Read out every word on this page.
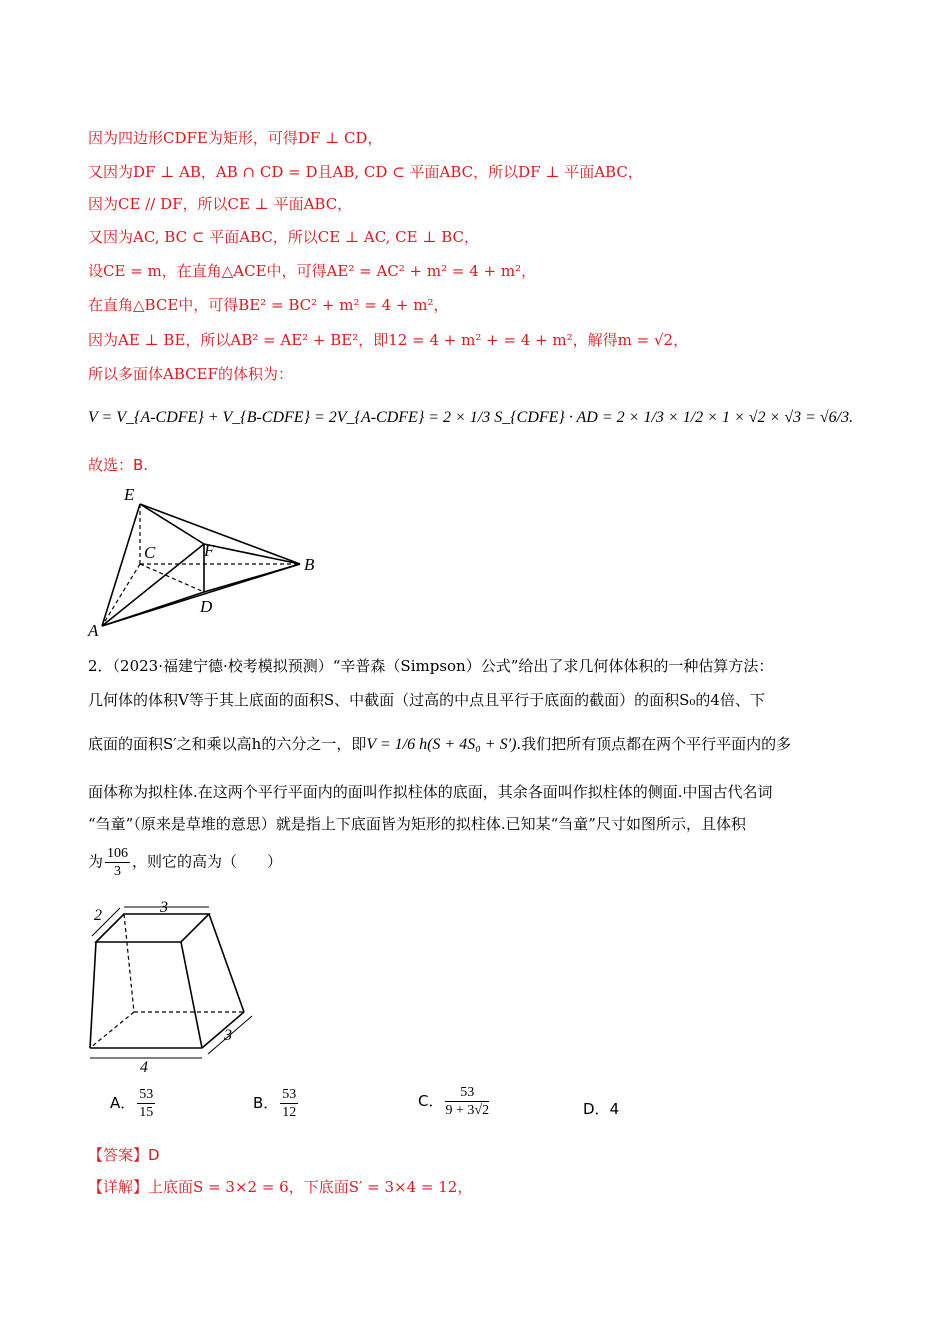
因为四边形CDFE为矩形，可得DF ⊥ CD，
又因为DF ⊥ AB，AB ∩ CD = D且AB, CD ⊂ 平面ABC，所以DF ⊥ 平面ABC，
因为CE // DF，所以CE ⊥ 平面ABC，
又因为AC, BC ⊂ 平面ABC，所以CE ⊥ AC, CE ⊥ BC，
设CE = m，在直角△ACE中，可得AE² = AC² + m² = 4 + m²，
在直角△BCE中，可得BE² = BC² + m² = 4 + m²，
因为AE ⊥ BE，所以AB² = AE² + BE²，即12 = 4 + m² + = 4 + m²，解得m = √2，
所以多面体ABCEF的体积为：
V = V_{A-CDFE} + V_{B-CDFE} = 2V_{A-CDFE} = 2 × 1/3 S_{CDFE} · AD = 2 × 1/3 × 1/2 × 1 × √2 × √3 = √6/3.
故选：B.
E
C	F
B
D
A
2．（2023·福建宁德·校考模拟预测）“辛普森（Simpson）公式”给出了求几何体体积的一种估算方法：
几何体的体积V等于其上底面的面积S、中截面（过高的中点且平行于底面的截面）的面积S₀的4倍、下
底面的面积S′之和乘以高h的六分之一，即V = 1/6 h(S + 4S₀ + S′).我们把所有顶点都在两个平行平面内的多
面体称为拟柱体.在这两个平行平面内的面叫作拟柱体的底面，其余各面叫作拟柱体的侧面.中国古代名词
“刍童”（原来是草堆的意思）就是指上下底面皆为矩形的拟柱体.已知某“刍童”尺寸如图所示，且体积
为 $\frac{106}{3}$ ，则它的高为（　　）
3
2
4
3
A． $\frac{53}{15}$	B． $\frac{53}{12}$	C． $\frac{53}{9 + 3√2}$	D．4
【答案】D
【详解】上底面S = 3×2 = 6，下底面S′ = 3×4 = 12，
